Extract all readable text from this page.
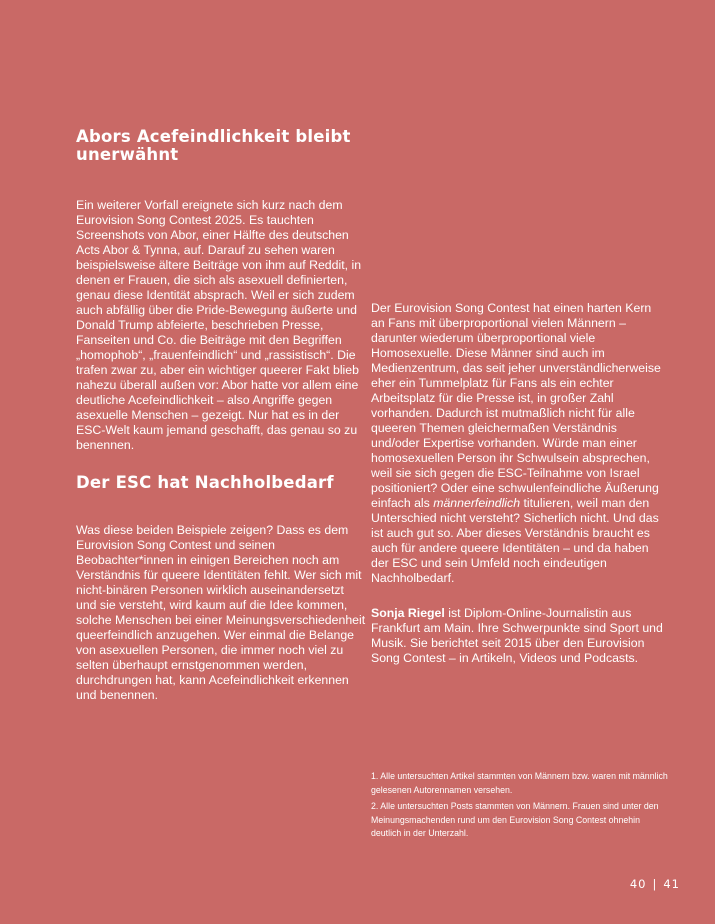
Abors Acefeindlichkeit bleibt unerwähnt

Ein weiterer Vorfall ereignete sich kurz nach dem Eurovision Song Contest 2025. Es tauchten Screenshots von Abor, einer Hälfte des deutschen Acts Abor & Tynna, auf. Darauf zu sehen waren beispielsweise ältere Beiträge von ihm auf Reddit, in denen er Frauen, die sich als asexuell definierten, genau diese Identität absprach. Weil er sich zudem auch abfällig über die Pride-Bewegung äußerte und Donald Trump abfeierte, beschrieben Presse, Fanseiten und Co. die Beiträge mit den Begriffen „homophob“, „frauenfeindlich“ und „rassistisch“. Die trafen zwar zu, aber ein wichtiger queerer Fakt blieb nahezu überall außen vor: Abor hatte vor allem eine deutliche Acefeindlichkeit – also Angriffe gegen asexuelle Menschen – gezeigt. Nur hat es in der ESC-Welt kaum jemand geschafft, das genau so zu benennen.

Der ESC hat Nachholbedarf

Was diese beiden Beispiele zeigen? Dass es dem Eurovision Song Contest und seinen Beobachter*innen in einigen Bereichen noch am Verständnis für queere Identitäten fehlt. Wer sich mit nicht-binären Personen wirklich auseinandersetzt und sie versteht, wird kaum auf die Idee kommen, solche Menschen bei einer Meinungsverschiedenheit queerfeindlich anzugehen. Wer einmal die Belange von asexuellen Personen, die immer noch viel zu selten überhaupt ernstgenommen werden, durchdrungen hat, kann Acefeindlichkeit erkennen und benennen.

Der Eurovision Song Contest hat einen harten Kern an Fans mit überproportional vielen Männern – darunter wiederum überproportional viele Homosexuelle. Diese Männer sind auch im Medienzentrum, das seit jeher unverständlicherweise eher ein Tummelplatz für Fans als ein echter Arbeitsplatz für die Presse ist, in großer Zahl vorhanden. Dadurch ist mutmaßlich nicht für alle queeren Themen gleichermaßen Verständnis und/oder Expertise vorhanden. Würde man einer homosexuellen Person ihr Schwulsein absprechen, weil sie sich gegen die ESC-Teilnahme von Israel positioniert? Oder eine schwulenfeindliche Äußerung einfach als männerfeindlich titulieren, weil man den Unterschied nicht versteht? Sicherlich nicht. Und das ist auch gut so. Aber dieses Verständnis braucht es auch für andere queere Identitäten – und da haben der ESC und sein Umfeld noch eindeutigen Nachholbedarf.

Sonja Riegel ist Diplom-Online-Journalistin aus Frankfurt am Main. Ihre Schwerpunkte sind Sport und Musik. Sie berichtet seit 2015 über den Eurovision Song Contest – in Artikeln, Videos und Podcasts.

1. Alle untersuchten Artikel stammten von Männern bzw. waren mit männlich gelesenen Autorennamen versehen.
2. Alle untersuchten Posts stammten von Männern. Frauen sind unter den Meinungsmachenden rund um den Eurovision Song Contest ohnehin deutlich in der Unterzahl.
40 | 41
